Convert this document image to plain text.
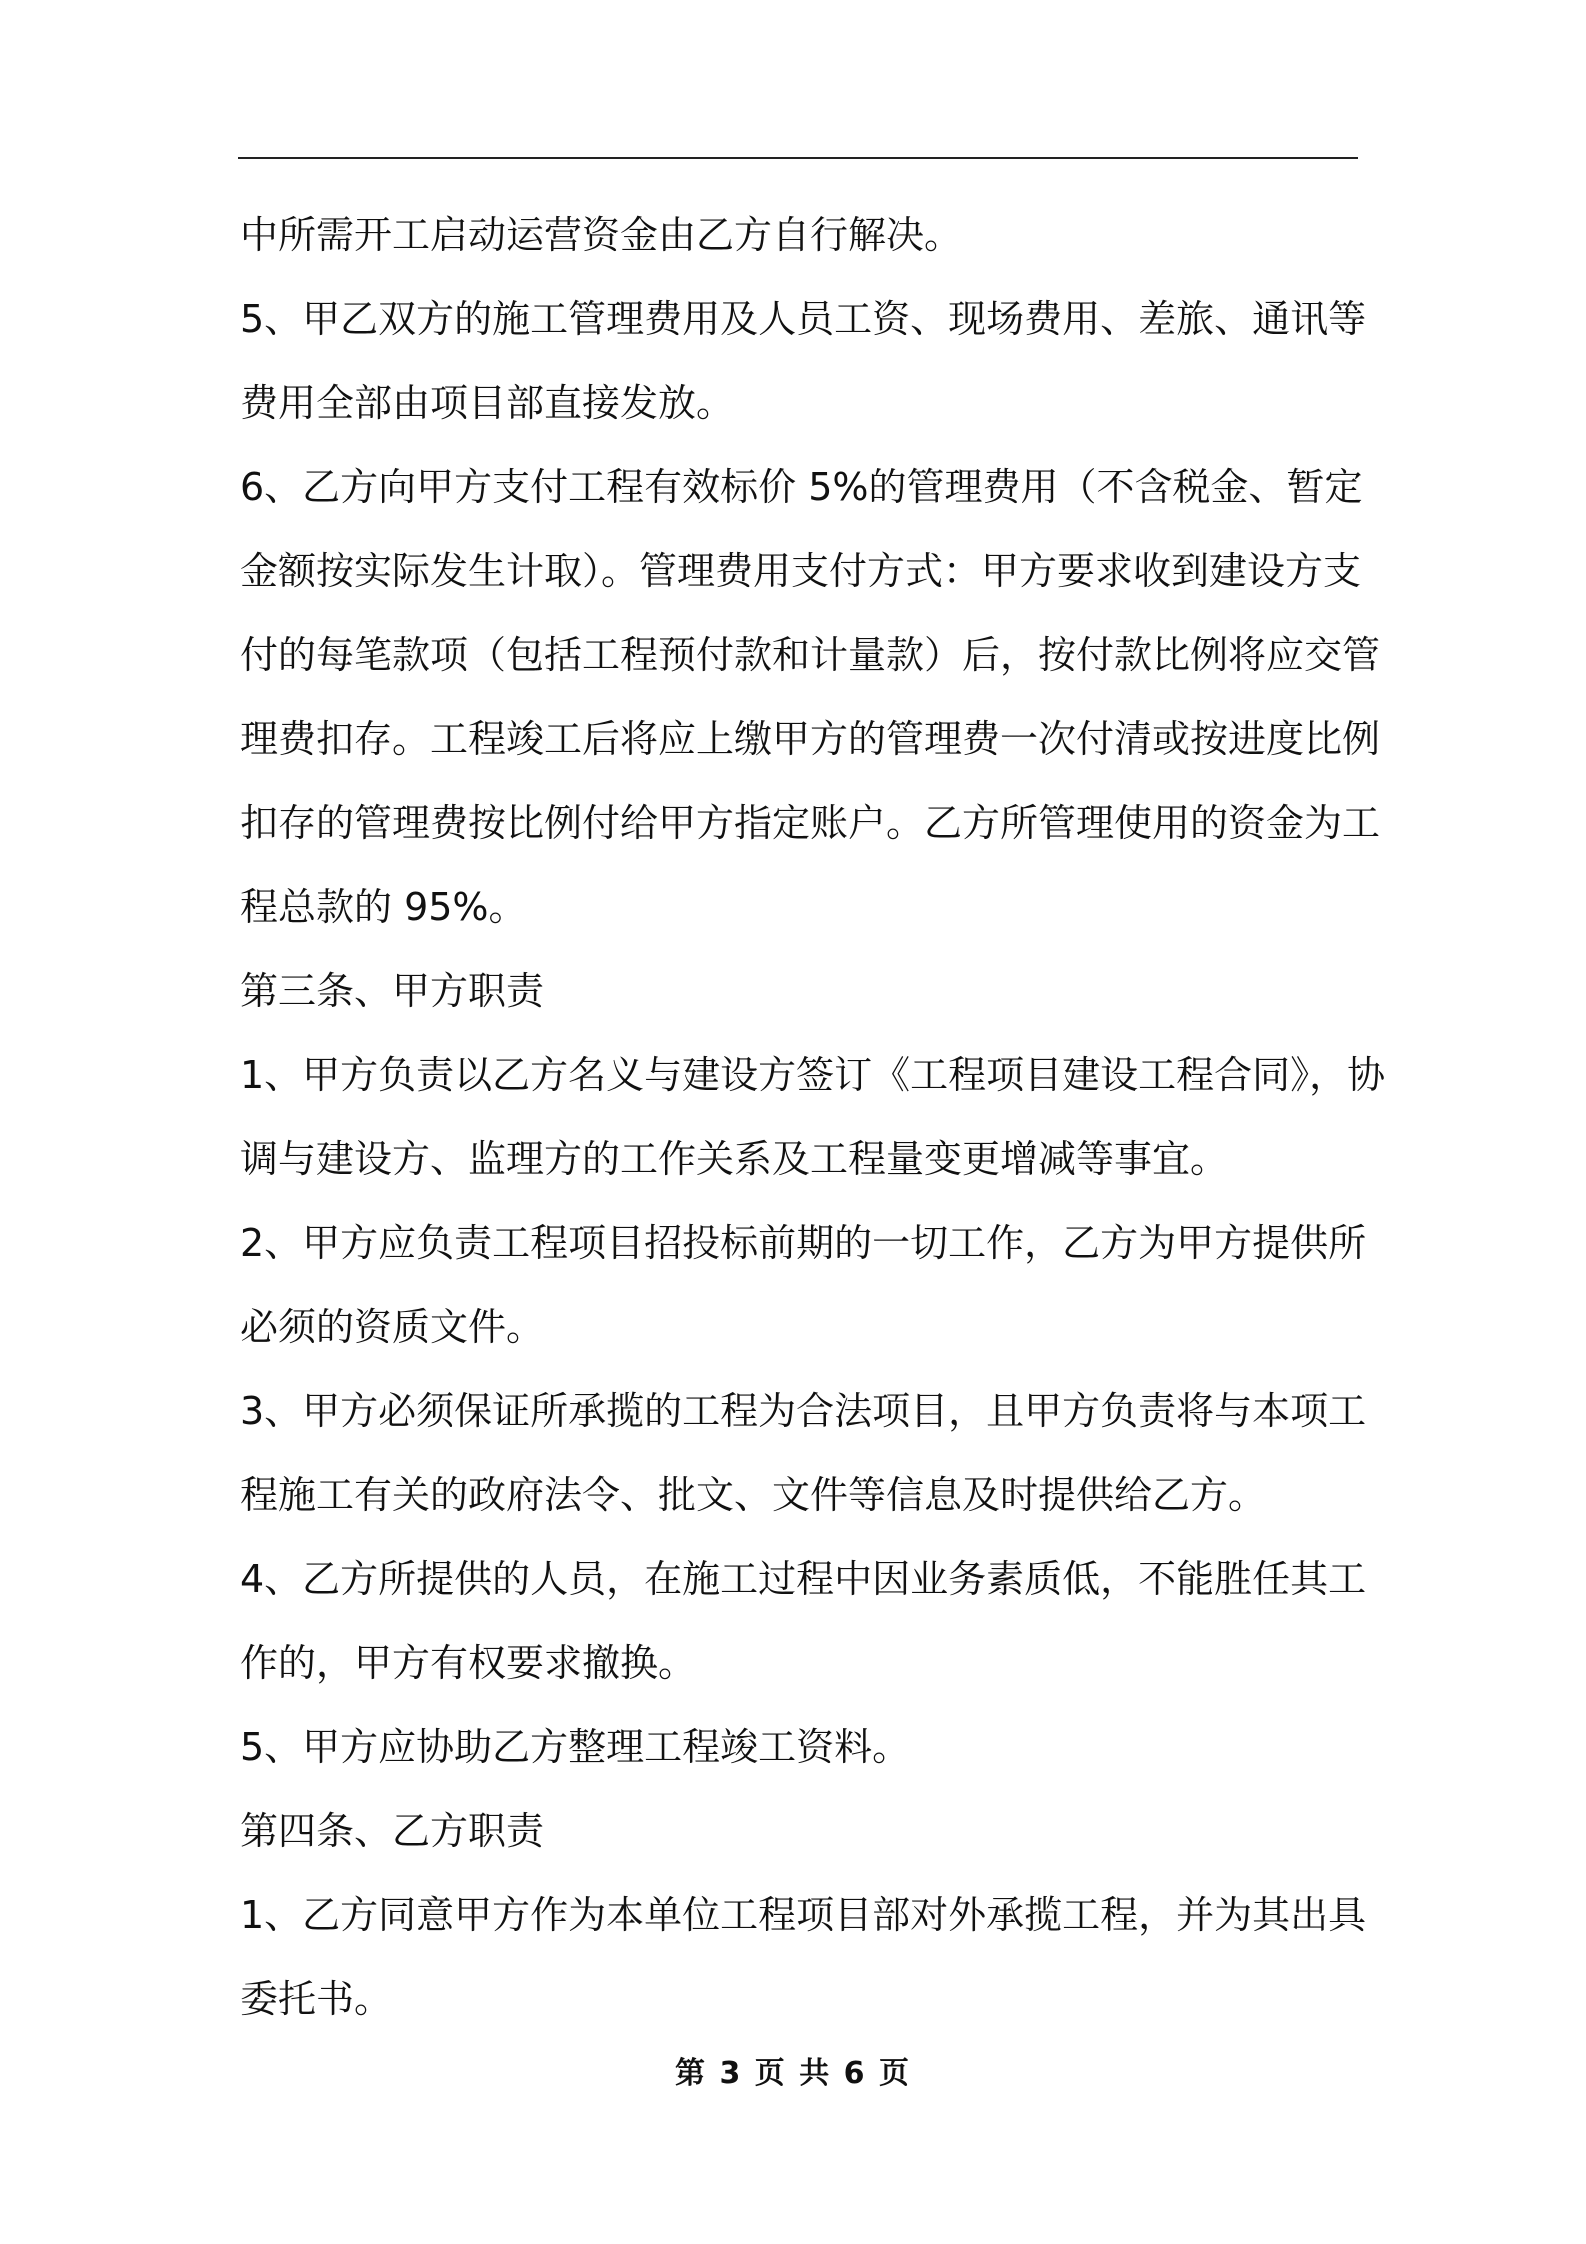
中所需开工启动运营资金由乙方自行解决。
5、甲乙双方的施工管理费用及人员工资、现场费用、差旅、通讯等
费用全部由项目部直接发放。
6、乙方向甲方支付工程有效标价 5%的管理费用（不含税金、暂定
金额按实际发生计取）。管理费用支付方式：甲方要求收到建设方支
付的每笔款项（包括工程预付款和计量款）后，按付款比例将应交管
理费扣存。工程竣工后将应上缴甲方的管理费一次付清或按进度比例
扣存的管理费按比例付给甲方指定账户。乙方所管理使用的资金为工
程总款的 95%。
第三条、甲方职责
1、甲方负责以乙方名义与建设方签订《工程项目建设工程合同》，协
调与建设方、监理方的工作关系及工程量变更增减等事宜。
2、甲方应负责工程项目招投标前期的一切工作，乙方为甲方提供所
必须的资质文件。
3、甲方必须保证所承揽的工程为合法项目，且甲方负责将与本项工
程施工有关的政府法令、批文、文件等信息及时提供给乙方。
4、乙方所提供的人员，在施工过程中因业务素质低，不能胜任其工
作的，甲方有权要求撤换。
5、甲方应协助乙方整理工程竣工资料。
第四条、乙方职责
1、乙方同意甲方作为本单位工程项目部对外承揽工程，并为其出具
委托书。
第 3 页 共 6 页
